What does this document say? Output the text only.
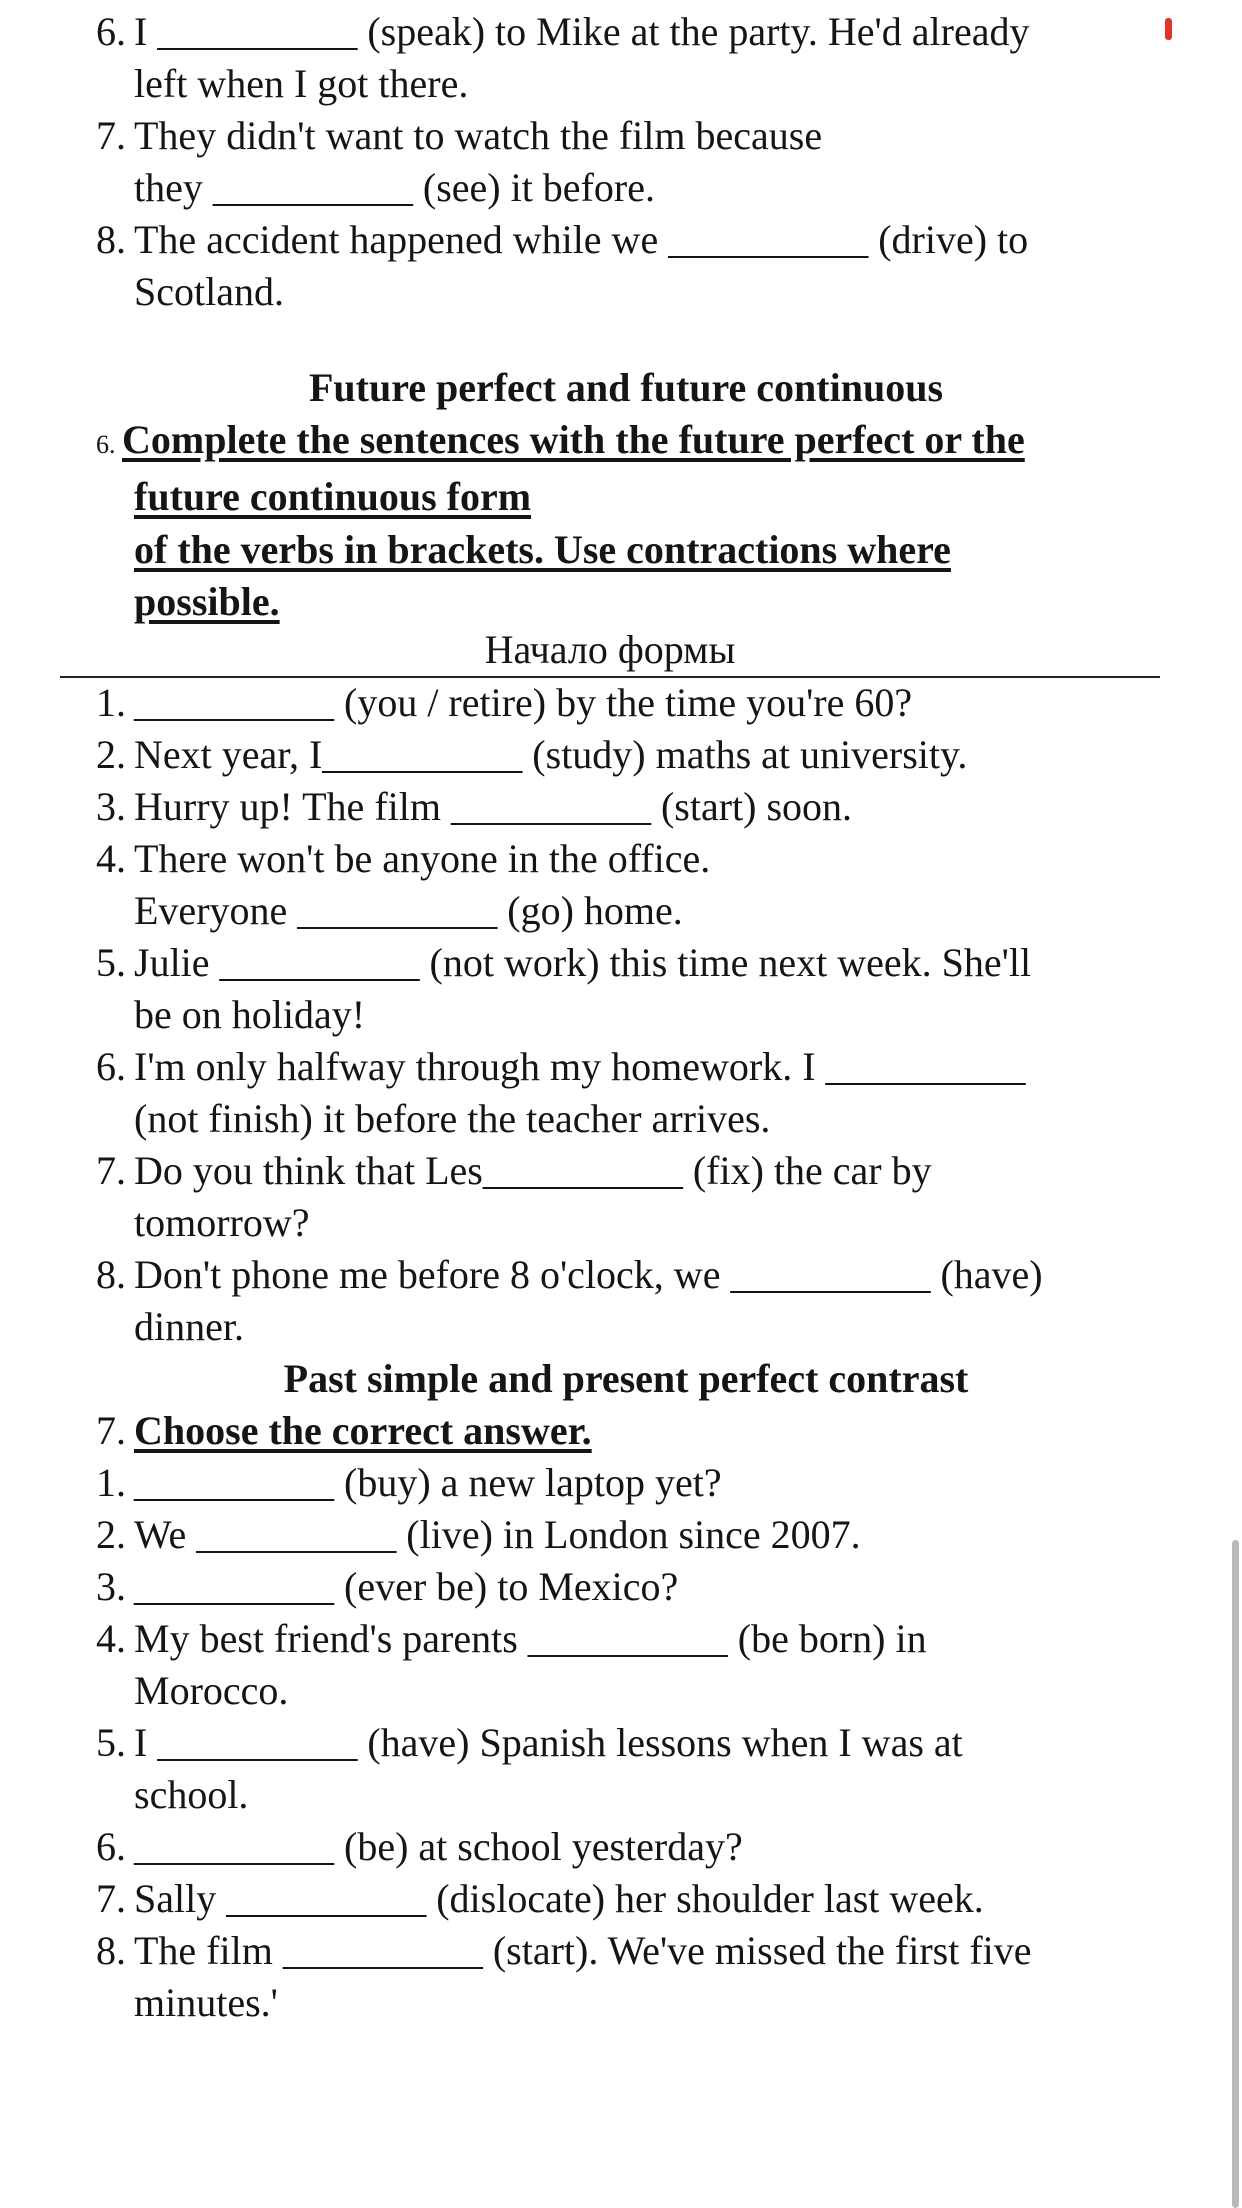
6. I __________ (speak) to Mike at the party. He'd already
left when I got there.
7. They didn't want to watch the film because
they __________ (see) it before.
8. The accident happened while we __________ (drive) to
Scotland.
Future perfect and future continuous
6. Complete the sentences with the future perfect or the
future continuous form
of the verbs in brackets. Use contractions where
possible.
Начало формы
1. __________ (you / retire) by the time you're 60?
2. Next year, I__________ (study) maths at university.
3. Hurry up! The film __________ (start) soon.
4. There won't be anyone in the office.
Everyone __________ (go) home.
5. Julie __________ (not work) this time next week. She'll
be on holiday!
6. I'm only halfway through my homework. I __________
(not finish) it before the teacher arrives.
7. Do you think that Les__________ (fix) the car by
tomorrow?
8. Don't phone me before 8 o'clock, we __________ (have)
dinner.
Past simple and present perfect contrast
7. Choose the correct answer.
1. __________ (buy) a new laptop yet?
2. We __________ (live) in London since 2007.
3. __________ (ever be) to Mexico?
4. My best friend's parents __________ (be born) in
Morocco.
5. I __________ (have) Spanish lessons when I was at
school.
6. __________ (be) at school yesterday?
7. Sally __________ (dislocate) her shoulder last week.
8. The film __________ (start). We've missed the first five
minutes.'
